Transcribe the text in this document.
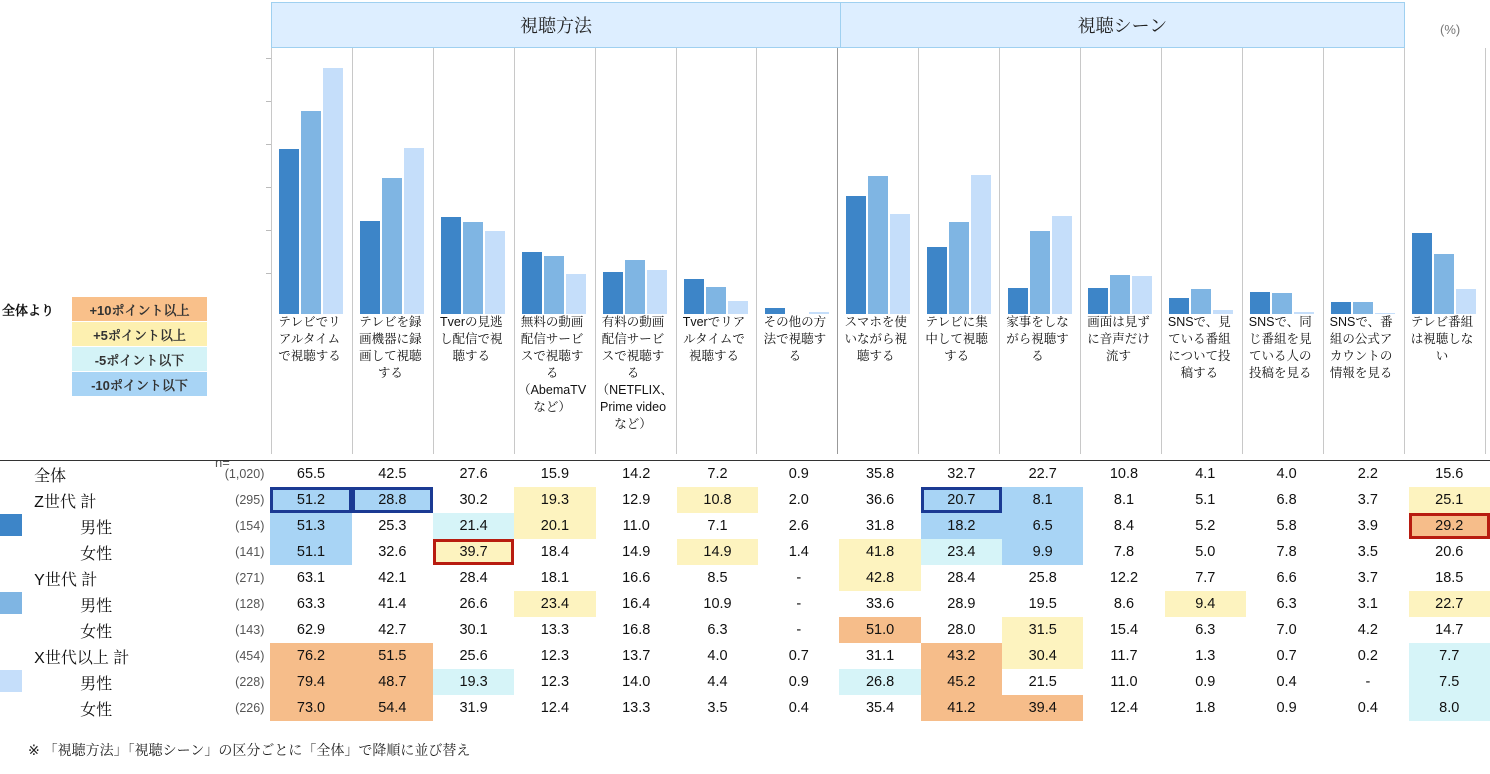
視聴方法	視聴シーン	(%)
全体より	+10ポイント以上
+5ポイント以上
-5ポイント以下
-10ポイント以下
テレビでリアルタイムで視聴する
テレビを録画機器に録画して視聴する
Tverの見逃し配信で視聴する
無料の動画配信サービスで視聴する（AbemaTVなど）
有料の動画配信サービスで視聴する（NETFLIX、Prime videoなど）
Tverでリアルタイムで視聴する
その他の方法で視聴する
スマホを使いながら視聴する
テレビに集中して視聴する
家事をしながら視聴する
画面は見ずに音声だけ流す
SNSで、見ている番組について投稿する
SNSで、同じ番組を見ている人の投稿を見る
SNSで、番組の公式アカウントの情報を見る
テレビ番組は視聴しない
n=

	全体	(1,020)	65.5	42.5	27.6	15.9	14.2	7.2	0.9	35.8	32.7	22.7	10.8	4.1	4.0	2.2	15.6
	Z世代 計	(295)	51.2	28.8	30.2	19.3	12.9	10.8	2.0	36.6	20.7	8.1	8.1	5.1	6.8	3.7	25.1
	男性	(154)	51.3	25.3	21.4	20.1	11.0	7.1	2.6	31.8	18.2	6.5	8.4	5.2	5.8	3.9	29.2
	女性	(141)	51.1	32.6	39.7	18.4	14.9	14.9	1.4	41.8	23.4	9.9	7.8	5.0	7.8	3.5	20.6
	Y世代 計	(271)	63.1	42.1	28.4	18.1	16.6	8.5	-	42.8	28.4	25.8	12.2	7.7	6.6	3.7	18.5
	男性	(128)	63.3	41.4	26.6	23.4	16.4	10.9	-	33.6	28.9	19.5	8.6	9.4	6.3	3.1	22.7
	女性	(143)	62.9	42.7	30.1	13.3	16.8	6.3	-	51.0	28.0	31.5	15.4	6.3	7.0	4.2	14.7
	X世代以上 計	(454)	76.2	51.5	25.6	12.3	13.7	4.0	0.7	31.1	43.2	30.4	11.7	1.3	0.7	0.2	7.7
	男性	(228)	79.4	48.7	19.3	12.3	14.0	4.4	0.9	26.8	45.2	21.5	11.0	0.9	0.4	-	7.5
	女性	(226)	73.0	54.4	31.9	12.4	13.3	3.5	0.4	35.4	41.2	39.4	12.4	1.8	0.9	0.4	8.0
※ 「視聴方法」「視聴シーン」の区分ごとに「全体」で降順に並び替え
